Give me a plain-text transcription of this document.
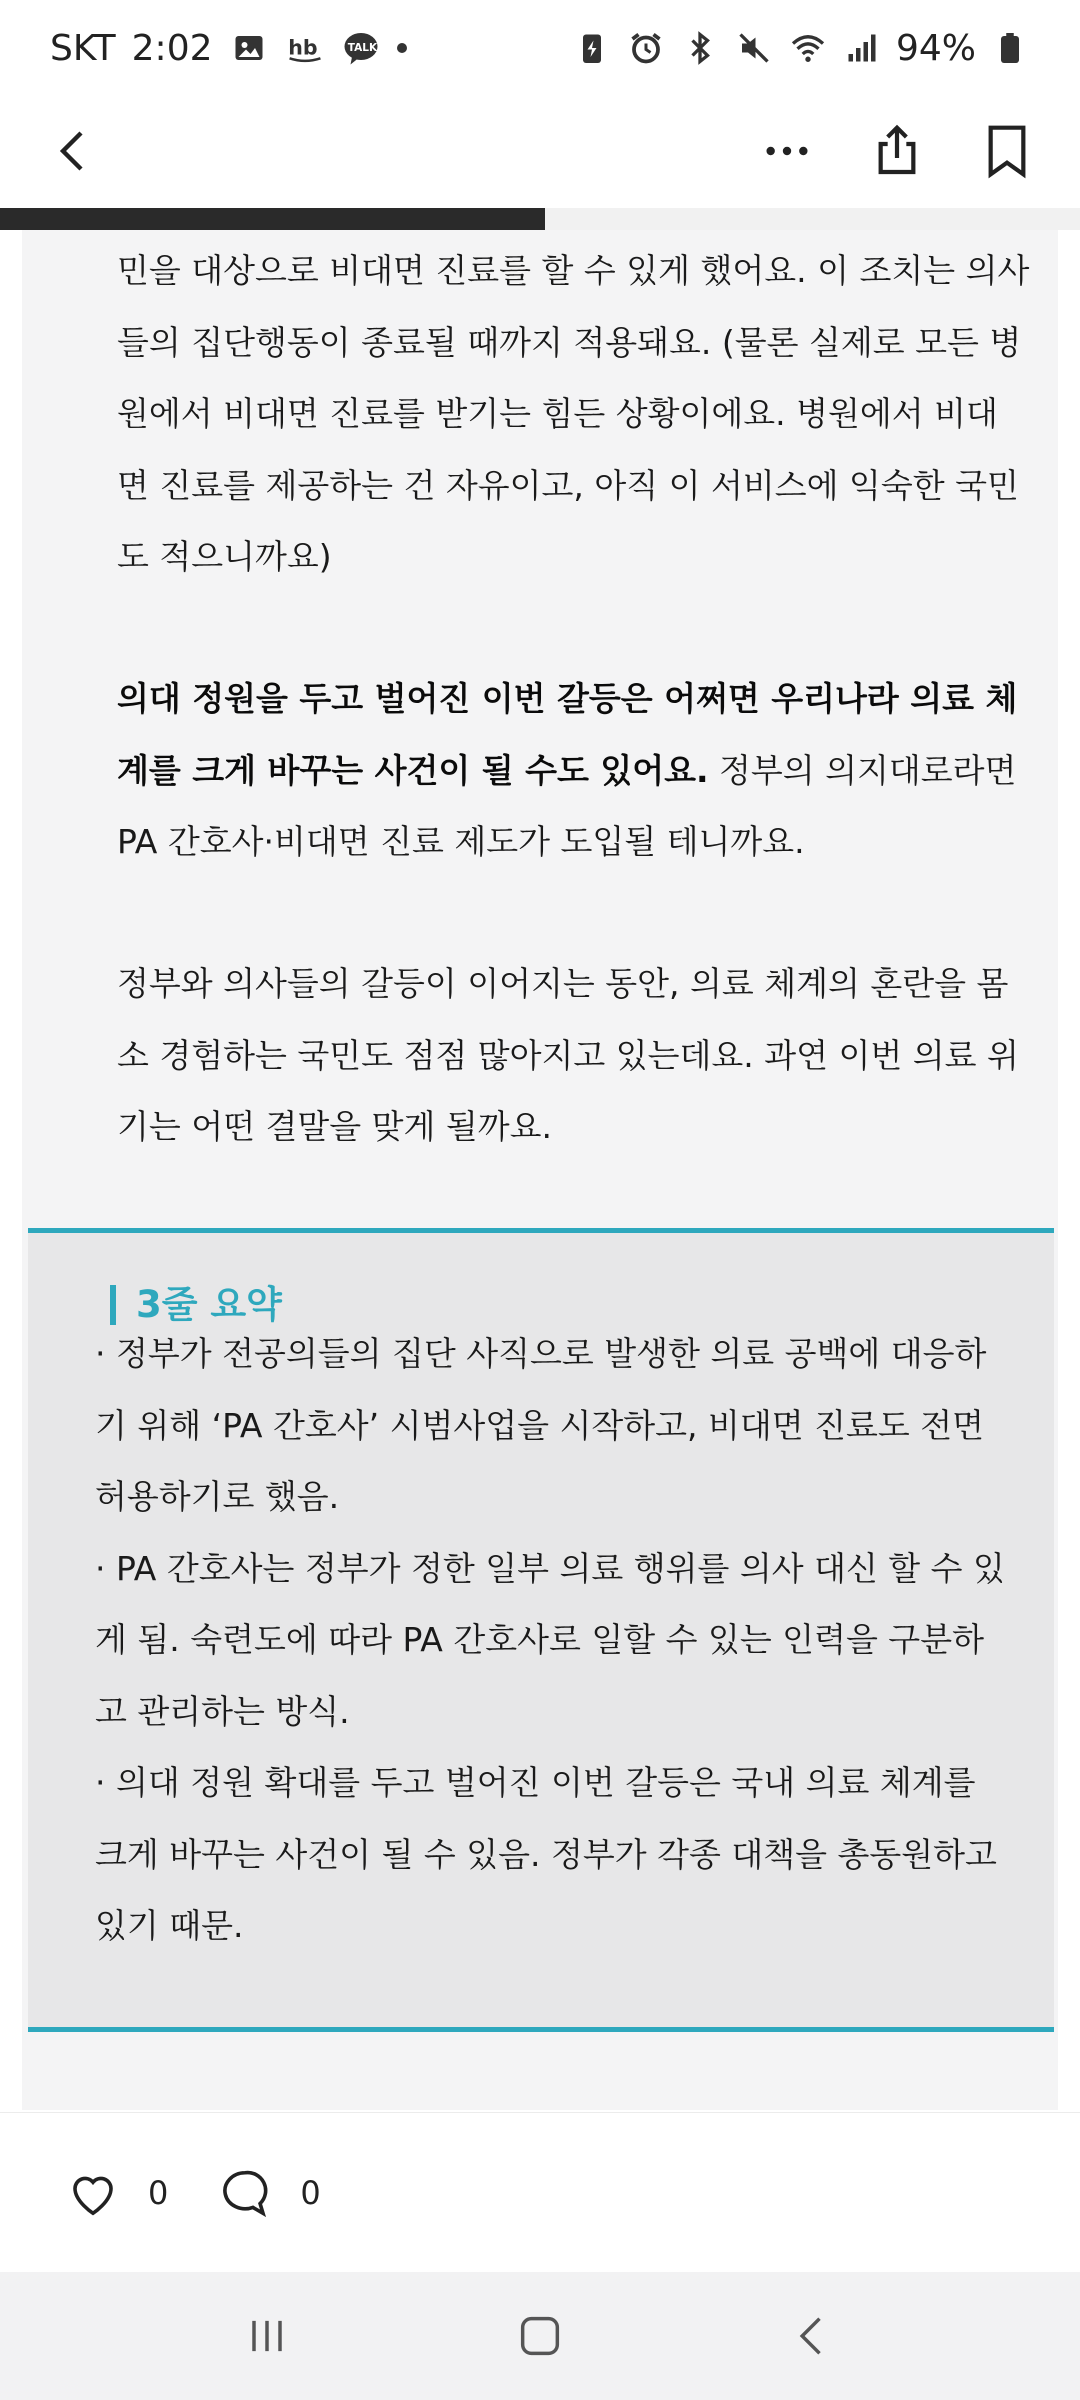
SKT 2:02	hb	TALK	94%
민을 대상으로 비대면 진료를 할 수 있게 했어요. 이 조치는 의사
들의 집단행동이 종료될 때까지 적용돼요. (물론 실제로 모든 병
원에서 비대면 진료를 받기는 힘든 상황이에요. 병원에서 비대
면 진료를 제공하는 건 자유이고, 아직 이 서비스에 익숙한 국민
도 적으니까요)
의대 정원을 두고 벌어진 이번 갈등은 어쩌면 우리나라 의료 체
계를 크게 바꾸는 사건이 될 수도 있어요. 정부의 의지대로라면
PA 간호사·비대면 진료 제도가 도입될 테니까요.
정부와 의사들의 갈등이 이어지는 동안, 의료 체계의 혼란을 몸
소 경험하는 국민도 점점 많아지고 있는데요. 과연 이번 의료 위
기는 어떤 결말을 맞게 될까요.
3줄 요약
· 정부가 전공의들의 집단 사직으로 발생한 의료 공백에 대응하
기 위해 ‘PA 간호사’ 시범사업을 시작하고, 비대면 진료도 전면
허용하기로 했음.
· PA 간호사는 정부가 정한 일부 의료 행위를 의사 대신 할 수 있
게 됨. 숙련도에 따라 PA 간호사로 일할 수 있는 인력을 구분하
고 관리하는 방식.
· 의대 정원 확대를 두고 벌어진 이번 갈등은 국내 의료 체계를
크게 바꾸는 사건이 될 수 있음. 정부가 각종 대책을 총동원하고
있기 때문.
0	0
